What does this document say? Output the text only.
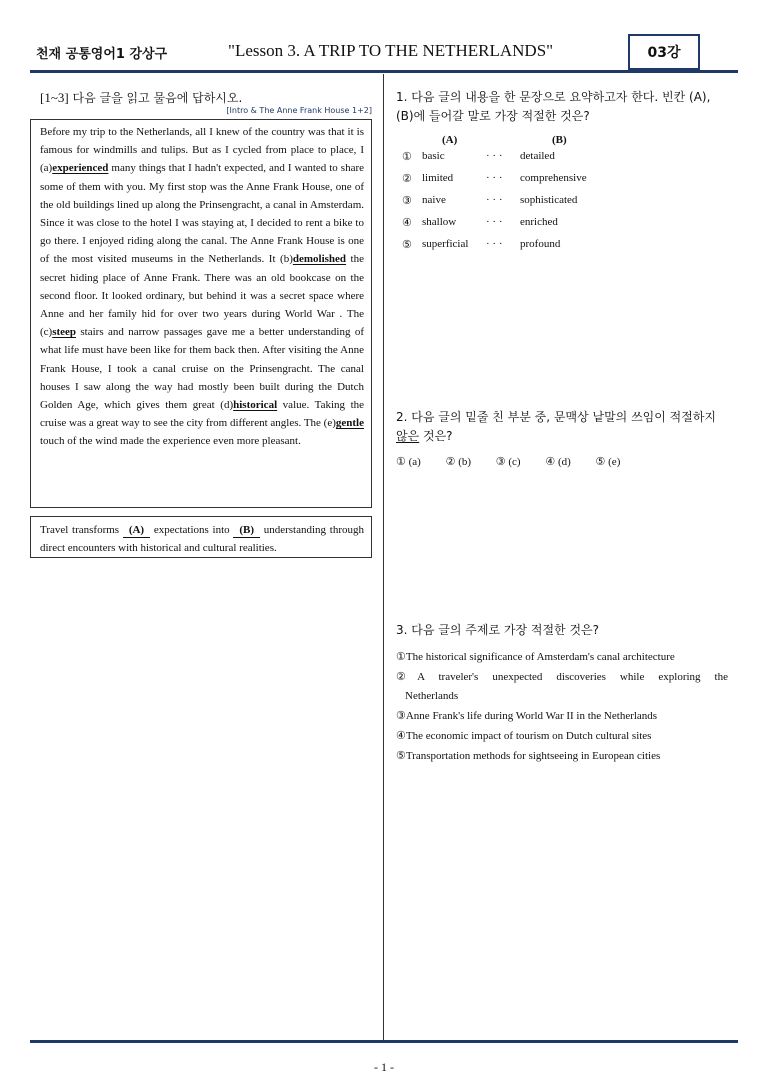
천재 공통영어1 강상구	"Lesson 3. A TRIP TO THE NETHERLANDS"	03강
[1~3] 다음 글을 읽고 물음에 답하시오.
[Intro & The Anne Frank House 1+2]
Before my trip to the Netherlands, all I knew of the country was that it is famous for windmills and tulips. But as I cycled from place to place, I (a)experienced many things that I hadn't expected, and I wanted to share some of them with you. My first stop was the Anne Frank House, one of the old buildings lined up along the Prinsengracht, a canal in Amsterdam. Since it was close to the hotel I was staying at, I decided to rent a bike to go there. I enjoyed riding along the canal. The Anne Frank House is one of the most visited museums in the Netherlands. It (b)demolished the secret hiding place of Anne Frank. There was an old bookcase on the second floor. It looked ordinary, but behind it was a secret space where Anne and her family hid for over two years during World War . The (c)steep stairs and narrow passages gave me a better understanding of what life must have been like for them back then. After visiting the Anne Frank House, I took a canal cruise on the Prinsengracht. The canal houses I saw along the way had mostly been built during the Dutch Golden Age, which gives them great (d)historical value. Taking the cruise was a great way to see the city from different angles. The (e)gentle touch of the wind made the experience even more pleasant.
Travel transforms (A) expectations into (B) understanding through direct encounters with historical and cultural realities.
1. 다음 글의 내용을 한 문장으로 요약하고자 한다. 빈칸 (A), (B)에 들어갈 말로 가장 적절한 것은?
(A)	(B)
① basic	· · · detailed
② limited	· · · comprehensive
③ naive	· · · sophisticated
④ shallow	· · · enriched
⑤ superficial · · · profound
2. 다음 글의 밑줄 친 부분 중, 문맥상 낱말의 쓰임이 적절하지 않은 것은?
① (a) ② (b) ③ (c) ④ (d) ⑤ (e)
3. 다음 글의 주제로 가장 적절한 것은?
①The historical significance of Amsterdam's canal architecture
②A traveler's unexpected discoveries while exploring the
Netherlands
③Anne Frank's life during World War II in the Netherlands
④The economic impact of tourism on Dutch cultural sites
⑤Transportation methods for sightseeing in European cities
- 1 -
